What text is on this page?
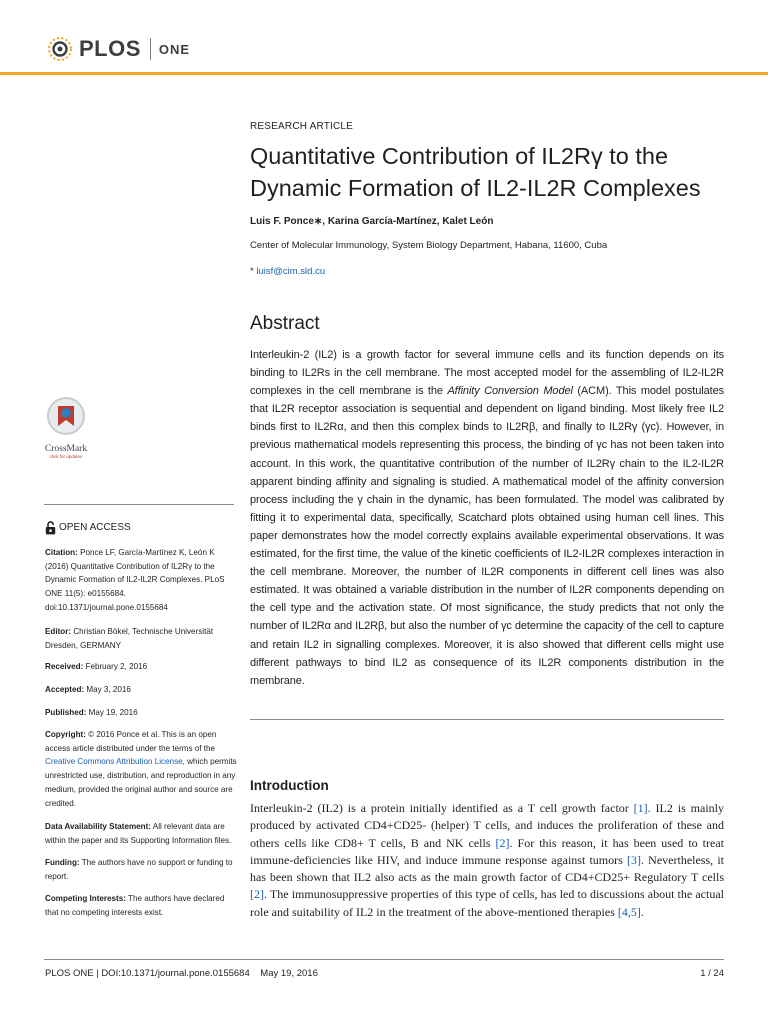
PLOS ONE
RESEARCH ARTICLE
Quantitative Contribution of IL2Rγ to the
Dynamic Formation of IL2-IL2R Complexes
Luis F. Ponce∗, Karina García-Martínez, Kalet León
Center of Molecular Immunology, System Biology Department, Habana, 11600, Cuba
* luisf@cim.sld.cu
Abstract

Interleukin-2 (IL2) is a growth factor for several immune cells and its function depends on its binding to IL2Rs in the cell membrane. The most accepted model for the assembling of IL2-IL2R complexes in the cell membrane is the Affinity Conversion Model (ACM). This model postulates that IL2R receptor association is sequential and dependent on ligand binding. Most likely free IL2 binds first to IL2Rα, and then this complex binds to IL2Rβ, and finally to IL2Rγ (γc). However, in previous mathematical models representing this process, the binding of γc has not been taken into account. In this work, the quantitative contribution of the number of IL2Rγ chain to the IL2-IL2R apparent binding affinity and signaling is studied. A mathematical model of the affinity conversion process including the γ chain in the dynamic, has been formulated. The model was calibrated by fitting it to experimental data, specifically, Scatchard plots obtained using human cell lines. This paper demonstrates how the model correctly explains available experimental observations. It was estimated, for the first time, the value of the kinetic coefficients of IL2-IL2R complexes interaction in the cell membrane. Moreover, the number of IL2R components in different cell lines was also estimated. It was obtained a variable distribution in the number of IL2R components depending on the cell type and the activation state. Of most significance, the study predicts that not only the number of IL2Rα and IL2Rβ, but also the number of γc determine the capacity of the cell to capture and retain IL2 in signalling complexes. Moreover, it is also showed that different cells might use different pathways to bind IL2 as consequence of its IL2R components distribution in the membrane.

Introduction

Interleukin-2 (IL2) is a protein initially identified as a T cell growth factor [1]. IL2 is mainly produced by activated CD4+CD25- (helper) T cells, and induces the proliferation of these and others cells like CD8+ T cells, B and NK cells [2]. For this reason, it has been used to treat immune-deficiencies like HIV, and induce immune response against tumors [3]. Nevertheless, it has been shown that IL2 also acts as the main growth factor of CD4+CD25+ Regulatory T cells [2]. The immunosuppressive properties of this type of cells, has led to discussions about the actual role and suitability of IL2 in the treatment of the above-mentioned therapies [4,5].

CrossMark
click for updates
OPEN ACCESS
Citation: Ponce LF, García-Martínez K, León K (2016) Quantitative Contribution of IL2Rγ to the Dynamic Formation of IL2-IL2R Complexes. PLoS ONE 11(5): e0155684. doi:10.1371/journal.pone.0155684
Editor: Christian Bökel, Technische Universität Dresden, GERMANY
Received: February 2, 2016
Accepted: May 3, 2016
Published: May 19, 2016
Copyright: © 2016 Ponce et al. This is an open access article distributed under the terms of the Creative Commons Attribution License, which permits unrestricted use, distribution, and reproduction in any medium, provided the original author and source are credited.
Data Availability Statement: All relevant data are within the paper and its Supporting Information files.
Funding: The authors have no support or funding to report.
Competing Interests: The authors have declared that no competing interests exist.
PLOS ONE | DOI:10.1371/journal.pone.0155684    May 19, 2016	1 / 24
